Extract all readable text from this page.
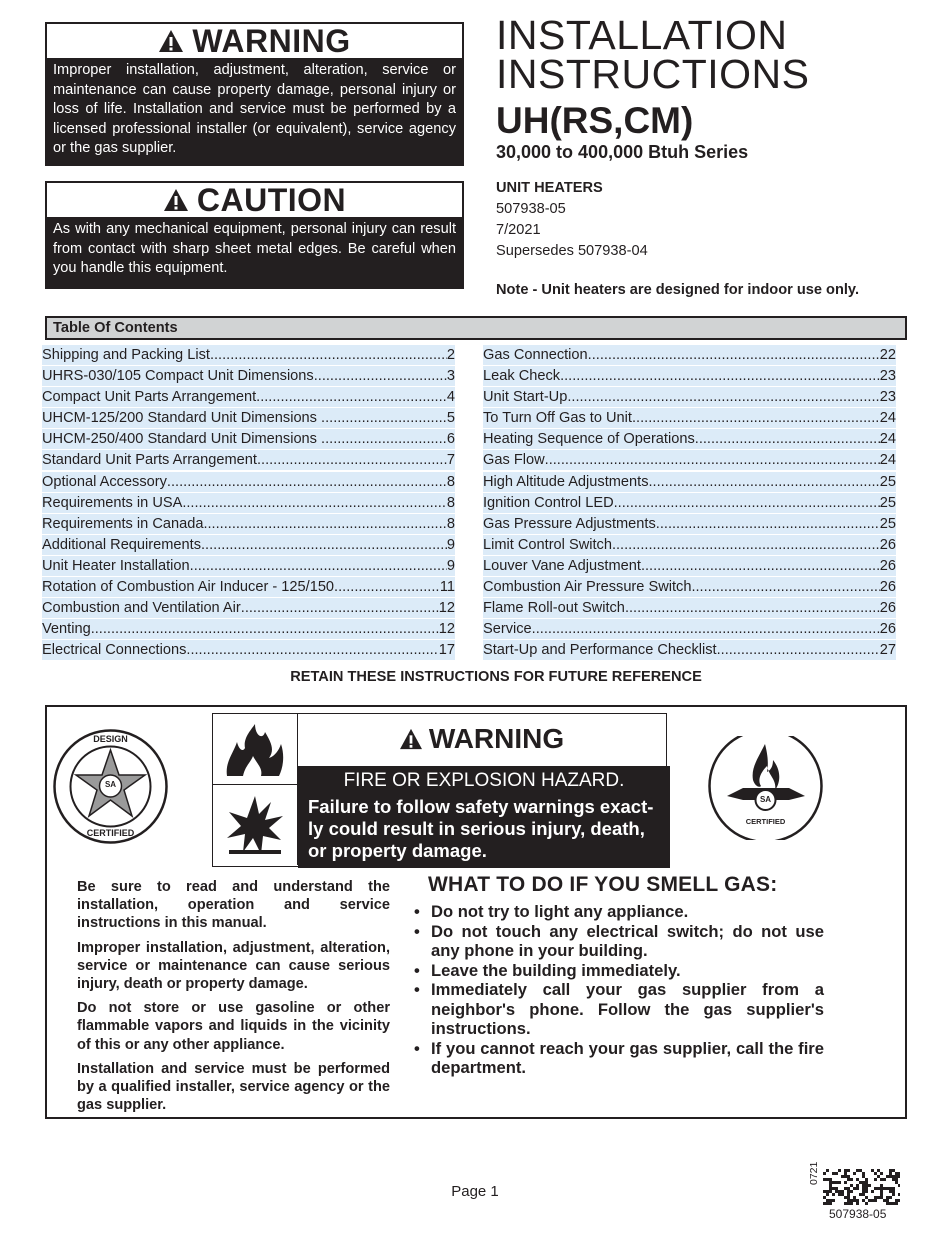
WARNING
Improper installation, adjustment, alteration, service or maintenance can cause property damage, personal injury or loss of life. Installation and service must be performed by a licensed professional installer (or equivalent), service agency or the gas supplier.
CAUTION
As with any mechanical equipment, personal injury can result from contact with sharp sheet metal edges. Be careful when you handle this equipment.
INSTALLATION
INSTRUCTIONS
UH(RS,CM)
30,000 to 400,000 Btuh Series
UNIT HEATERS
507938-05
7/2021
Supersedes 507938-04
Note - Unit heaters are designed for indoor use only.
Table Of Contents
Shipping and Packing List .....	2
UHRS-030/105 Compact Unit Dimensions .....	3
Compact Unit Parts Arrangement .....	4
UHCM-125/200 Standard Unit Dimensions ....... .....	5
UHCM-250/400 Standard Unit Dimensions ........ .....	6
Standard Unit Parts Arrangement .....	7
Optional Accessory .....	8
Requirements in USA .....	8
Requirements in Canada .....	8
Additional Requirements .....	9
Unit Heater Installation .....	9
Rotation of Combustion Air Inducer - 125/150 .....	11
Combustion and Ventilation Air .....	12
Venting .....	12
Electrical Connections .....	17
Gas Connection .....	22
Leak Check .....	23
Unit Start-Up .....	23
To Turn Off Gas to Unit .....	24
Heating Sequence of Operations .....	24
Gas Flow .....	24
High Altitude Adjustments .....	25
Ignition Control LED .....	25
Gas Pressure Adjustments .....	25
Limit Control Switch .....	26
Louver Vane Adjustment .....	26
Combustion Air Pressure Switch .....	26
Flame Roll-out Switch .....	26
Service .....	26
Start-Up and Performance Checklist .....	27
RETAIN THESE INSTRUCTIONS FOR FUTURE REFERENCE
DESIGN
SA
CERTIFIED
SA
CERTIFIED
WARNING
FIRE OR EXPLOSION HAZARD.
Failure to follow safety warnings exact-ly could result in serious injury, death, or property damage.

Be sure to read and understand the installation, operation and service instructions in this manual.

Improper installation, adjustment, alteration, service or maintenance can cause serious injury, death or property damage.

Do not store or use gasoline or other flammable vapors and liquids in the vicinity of this or any other appliance.

Installation and service must be performed by a qualified installer, service agency or the gas supplier.

WHAT TO DO IF YOU SMELL GAS:
• Do not try to light any appliance.
• Do not touch any electrical switch; do not use any phone in your building.
• Leave the building immediately.
• Immediately call your gas supplier from a neighbor's phone. Follow the gas supplier's instructions.
• If you cannot reach your gas supplier, call the fire department.
Page 1
0721
507938-05
